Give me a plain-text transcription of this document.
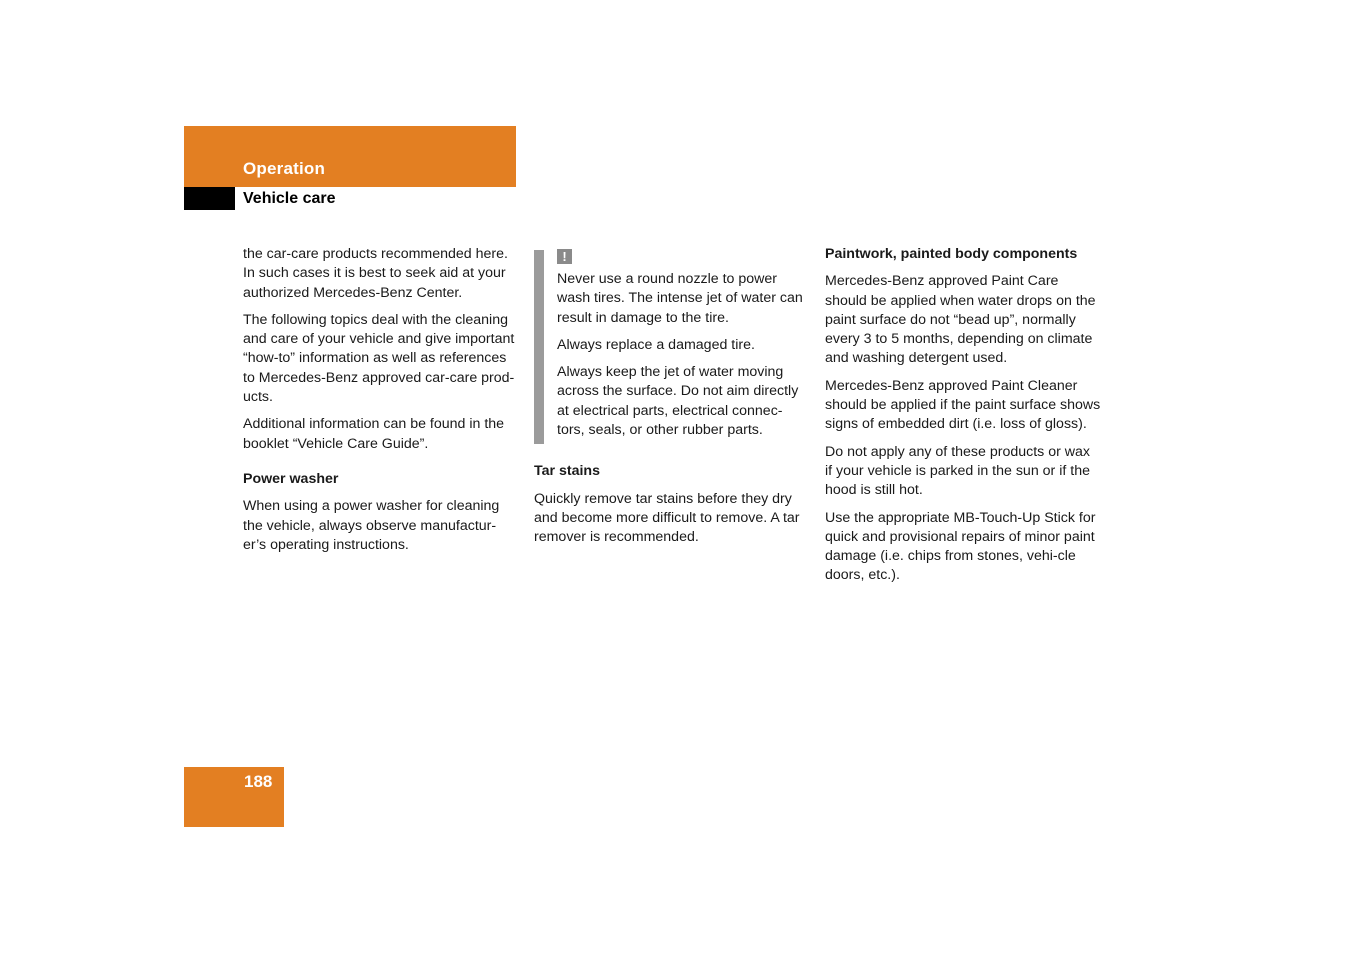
Operation
Vehicle care

the car-care products recommended here. In such cases it is best to seek aid at your authorized Mercedes-Benz Center.

The following topics deal with the cleaning and care of your vehicle and give important “how-to” information as well as references to Mercedes-Benz approved car-care prod-ucts.

Additional information can be found in the booklet “Vehicle Care Guide”.

Power washer

When using a power washer for cleaning the vehicle, always observe manufactur-er’s operating instructions.

!

Never use a round nozzle to power wash tires. The intense jet of water can result in damage to the tire.

Always replace a damaged tire.

Always keep the jet of water moving across the surface. Do not aim directly at electrical parts, electrical connec-tors, seals, or other rubber parts.

Tar stains

Quickly remove tar stains before they dry and become more difficult to remove. A tar remover is recommended.

Paintwork, painted body components

Mercedes-Benz approved Paint Care should be applied when water drops on the paint surface do not “bead up”, normally every 3 to 5 months, depending on climate and washing detergent used.

Mercedes-Benz approved Paint Cleaner should be applied if the paint surface shows signs of embedded dirt (i.e. loss of gloss).

Do not apply any of these products or wax if your vehicle is parked in the sun or if the hood is still hot.

Use the appropriate MB-Touch-Up Stick for quick and provisional repairs of minor paint damage (i.e. chips from stones, vehi-cle doors, etc.).

188
